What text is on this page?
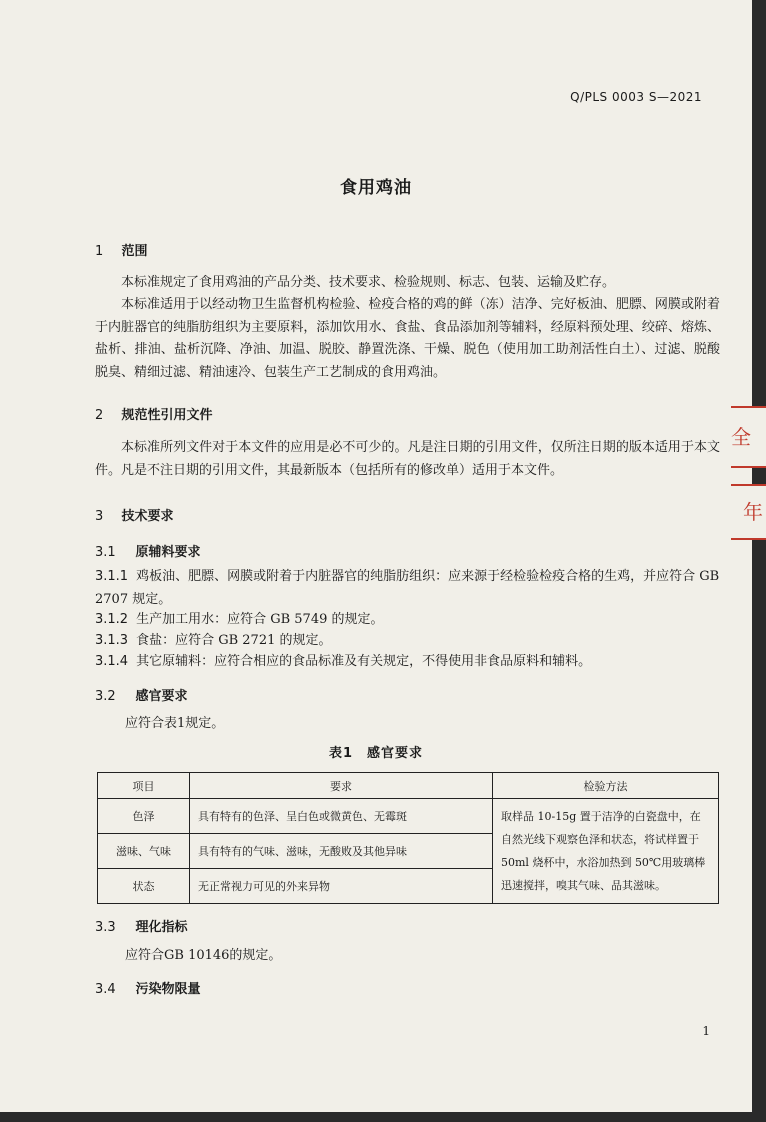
Q/PLS 0003 S—2021
食用鸡油
1 范围
本标准规定了食用鸡油的产品分类、技术要求、检验规则、标志、包装、运输及贮存。
本标准适用于以经动物卫生监督机构检验、检疫合格的鸡的鲜（冻）洁净、完好板油、肥膘、网膜或附着于内脏器官的纯脂肪组织为主要原料，添加饮用水、食盐、食品添加剂等辅料，经原料预处理、绞碎、熔炼、盐析、排油、盐析沉降、净油、加温、脱胶、静置洗涤、干燥、脱色（使用加工助剂活性白土）、过滤、脱酸脱臭、精细过滤、精油速冷、包装生产工艺制成的食用鸡油。
2 规范性引用文件
本标准所列文件对于本文件的应用是必不可少的。凡是注日期的引用文件，仅所注日期的版本适用于本文件。凡是不注日期的引用文件，其最新版本（包括所有的修改单）适用于本文件。
3 技术要求
3.1 原辅料要求
3.1.1 鸡板油、肥膘、网膜或附着于内脏器官的纯脂肪组织：应来源于经检验检疫合格的生鸡，并应符合 GB 2707 规定。
3.1.2 生产加工用水：应符合 GB 5749 的规定。
3.1.3 食盐：应符合 GB 2721 的规定。
3.1.4 其它原辅料：应符合相应的食品标准及有关规定，不得使用非食品原料和辅料。
3.2 感官要求
应符合表1规定。
表1　感官要求
项目	要求	检验方法
色泽	具有特有的色泽、呈白色或微黄色、无霉斑	取样品 10-15g 置于洁净的白瓷盘中，在自然光线下观察色泽和状态，将试样置于50ml 烧杯中，水浴加热到 50℃用玻璃棒迅速搅拌，嗅其气味、品其滋味。
滋味、气味	具有特有的气味、滋味，无酸败及其他异味	
状态	无正常视力可见的外来异物	
3.3 理化指标
应符合GB 10146的规定。
3.4 污染物限量
1
全
年
